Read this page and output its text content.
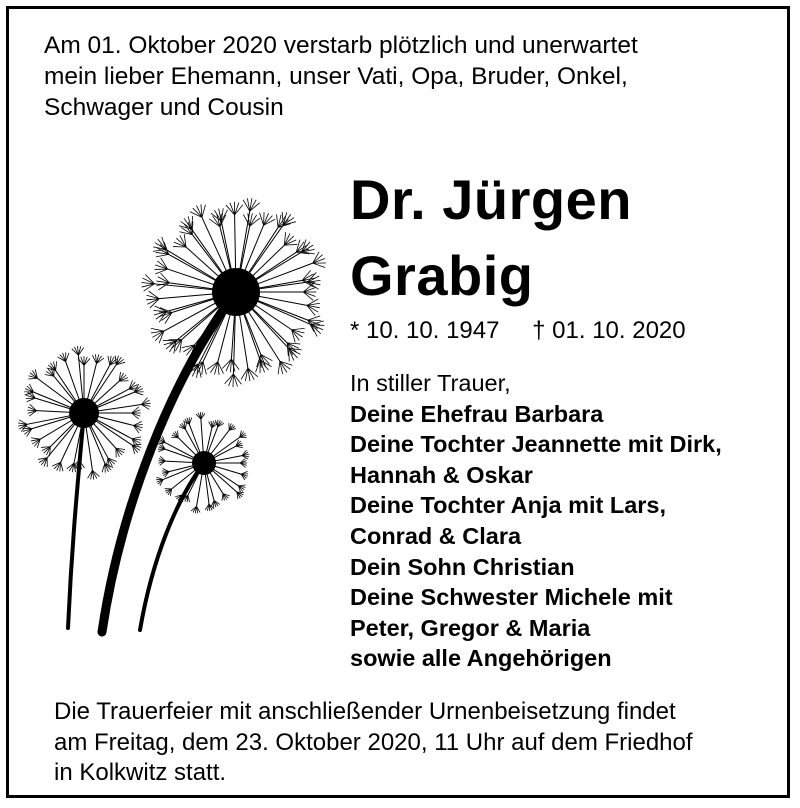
Am 01. Oktober 2020 verstarb plötzlich und unerwartet
mein lieber Ehemann, unser Vati, Opa, Bruder, Onkel,
Schwager und Cousin
Dr. Jürgen
Grabig
* 10. 10. 1947 † 01. 10. 2020
In stiller Trauer,
Deine Ehefrau Barbara
Deine Tochter Jeannette mit Dirk,
Hannah & Oskar
Deine Tochter Anja mit Lars,
Conrad & Clara
Dein Sohn Christian
Deine Schwester Michele mit
Peter, Gregor & Maria
sowie alle Angehörigen
Die Trauerfeier mit anschließender Urnenbeisetzung findet
am Freitag, dem 23. Oktober 2020, 11 Uhr auf dem Friedhof
in Kolkwitz statt.
